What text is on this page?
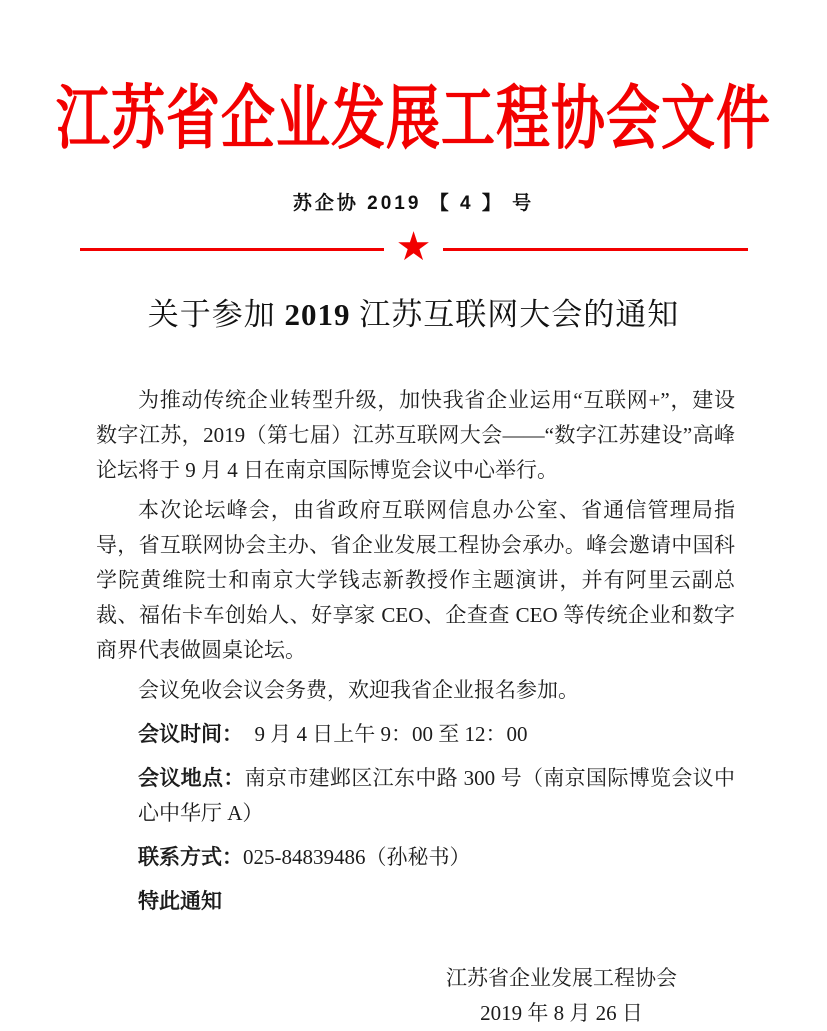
江苏省企业发展工程协会文件
苏企协 2019 【 4 】 号
★
关于参加 2019 江苏互联网大会的通知

为推动传统企业转型升级，加快我省企业运用“互联网+”，建设数字江苏，2019（第七届）江苏互联网大会——“数字江苏建设”高峰论坛将于 9 月 4 日在南京国际博览会议中心举行。

本次论坛峰会，由省政府互联网信息办公室、省通信管理局指导，省互联网协会主办、省企业发展工程协会承办。峰会邀请中国科学院黄维院士和南京大学钱志新教授作主题演讲，并有阿里云副总裁、福佑卡车创始人、好享家 CEO、企查查 CEO 等传统企业和数字商界代表做圆桌论坛。

会议免收会议会务费，欢迎我省企业报名参加。

会议时间： 9 月 4 日上午 9：00 至 12：00
会议地点：南京市建邺区江东中路 300 号（南京国际博览会议中心中华厅 A）
联系方式：025-84839486（孙秘书）
特此通知
江苏省企业发展工程协会
2019 年 8 月 26 日
